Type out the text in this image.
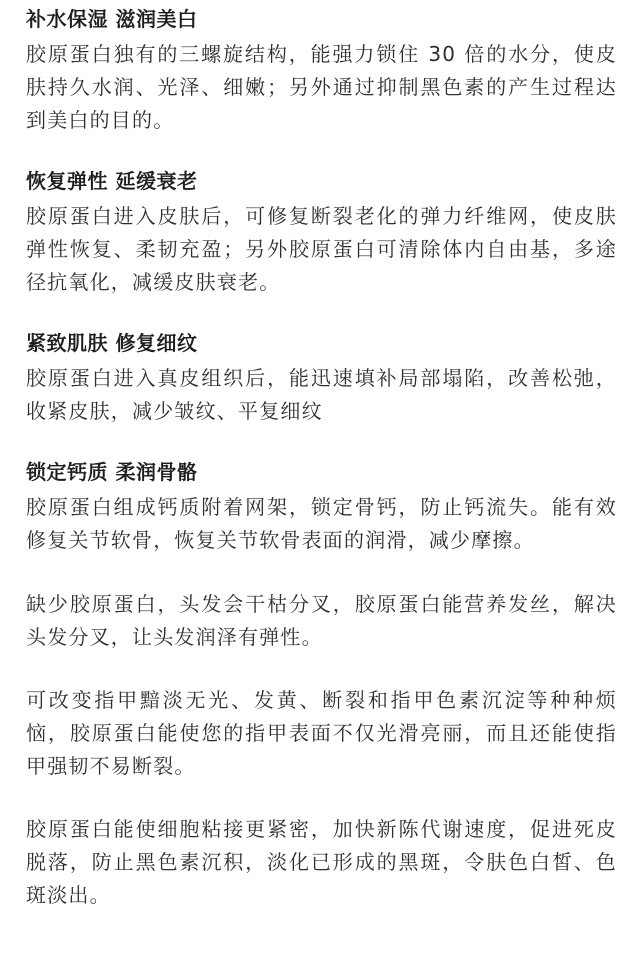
补水保湿 滋润美白

胶原蛋白独有的三螺旋结构，能强力锁住 30 倍的水分，使皮肤持久水润、光泽、细嫩；另外通过抑制黑色素的产生过程达到美白的目的。

恢复弹性 延缓衰老

胶原蛋白进入皮肤后，可修复断裂老化的弹力纤维网，使皮肤弹性恢复、柔韧充盈；另外胶原蛋白可清除体内自由基，多途径抗氧化，减缓皮肤衰老。

紧致肌肤 修复细纹

胶原蛋白进入真皮组织后，能迅速填补局部塌陷，改善松弛，收紧皮肤，减少皱纹、平复细纹

锁定钙质 柔润骨骼

胶原蛋白组成钙质附着网架，锁定骨钙，防止钙流失。能有效修复关节软骨，恢复关节软骨表面的润滑，减少摩擦。

缺少胶原蛋白，头发会干枯分叉，胶原蛋白能营养发丝，解决头发分叉，让头发润泽有弹性。

可改变指甲黯淡无光、发黄、断裂和指甲色素沉淀等种种烦恼，胶原蛋白能使您的指甲表面不仅光滑亮丽，而且还能使指甲强韧不易断裂。

胶原蛋白能使细胞粘接更紧密，加快新陈代谢速度，促进死皮脱落，防止黑色素沉积，淡化已形成的黑斑，令肤色白皙、色斑淡出。
